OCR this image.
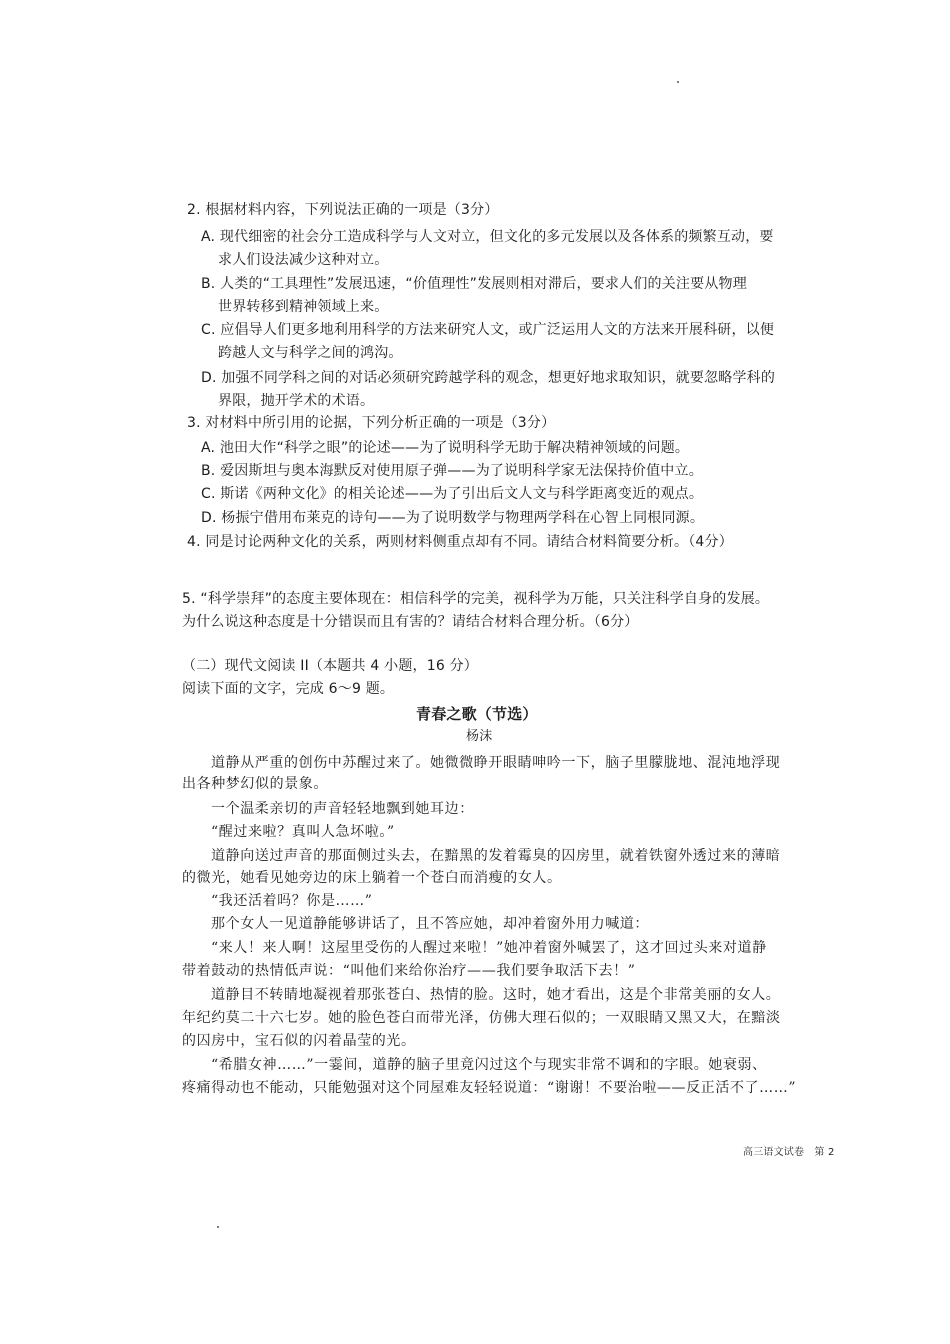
2. 根据材料内容，下列说法正确的一项是（3分）
A. 现代细密的社会分工造成科学与人文对立，但文化的多元发展以及各体系的频繁互动，要
求人们设法减少这种对立。
B. 人类的“工具理性”发展迅速，“价值理性”发展则相对滞后，要求人们的关注要从物理
世界转移到精神领域上来。
C. 应倡导人们更多地利用科学的方法来研究人文，或广泛运用人文的方法来开展科研，以便
跨越人文与科学之间的鸿沟。
D. 加强不同学科之间的对话必须研究跨越学科的观念，想更好地求取知识，就要忽略学科的
界限，抛开学术的术语。
3. 对材料中所引用的论据，下列分析正确的一项是（3分）
A. 池田大作“科学之眼”的论述——为了说明科学无助于解决精神领域的问题。
B. 爱因斯坦与奥本海默反对使用原子弹——为了说明科学家无法保持价值中立。
C. 斯诺《两种文化》的相关论述——为了引出后文人文与科学距离变近的观点。
D. 杨振宁借用布莱克的诗句——为了说明数学与物理两学科在心智上同根同源。
4. 同是讨论两种文化的关系，两则材料侧重点却有不同。请结合材料简要分析。（4分）
5. “科学崇拜”的态度主要体现在：相信科学的完美，视科学为万能，只关注科学自身的发展。
为什么说这种态度是十分错误而且有害的？请结合材料合理分析。（6分）
（二）现代文阅读 II（本题共 4 小题，16 分）
阅读下面的文字，完成 6～9 题。
青春之歌（节选）
杨沫
道静从严重的创伤中苏醒过来了。她微微睁开眼睛呻吟一下，脑子里朦胧地、混沌地浮现
出各种梦幻似的景象。
一个温柔亲切的声音轻轻地飘到她耳边：
“醒过来啦？真叫人急坏啦。”
道静向送过声音的那面侧过头去，在黯黑的发着霉臭的囚房里，就着铁窗外透过来的薄暗
的微光，她看见她旁边的床上躺着一个苍白而消瘦的女人。
“我还活着吗？你是……”
那个女人一见道静能够讲话了，且不答应她，却冲着窗外用力喊道：
“来人！来人啊！这屋里受伤的人醒过来啦！”她冲着窗外喊罢了，这才回过头来对道静
带着鼓动的热情低声说：“叫他们来给你治疗——我们要争取活下去！”
道静目不转睛地凝视着那张苍白、热情的脸。这时，她才看出，这是个非常美丽的女人。
年纪约莫二十六七岁。她的脸色苍白而带光泽，仿佛大理石似的；一双眼睛又黑又大，在黯淡
的囚房中，宝石似的闪着晶莹的光。
“希腊女神……”一霎间，道静的脑子里竟闪过这个与现实非常不调和的字眼。她衰弱、
疼痛得动也不能动，只能勉强对这个同屋难友轻轻说道：“谢谢！不要治啦——反正活不了……”
高三语文试卷　第 2
